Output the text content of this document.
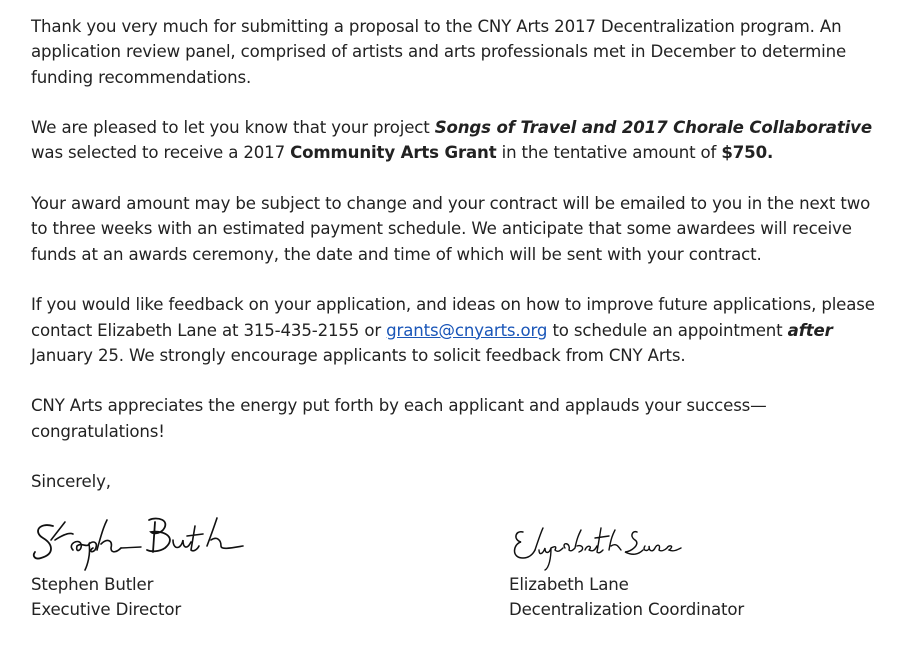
Thank you very much for submitting a proposal to the CNY Arts 2017 Decentralization program. An application review panel, comprised of artists and arts professionals met in December to determine funding recommendations.

We are pleased to let you know that your project Songs of Travel and 2017 Chorale Collaborative was selected to receive a 2017 Community Arts Grant in the tentative amount of $750.

Your award amount may be subject to change and your contract will be emailed to you in the next two to three weeks with an estimated payment schedule. We anticipate that some awardees will receive funds at an awards ceremony, the date and time of which will be sent with your contract.

If you would like feedback on your application, and ideas on how to improve future applications, please contact Elizabeth Lane at 315-435-2155 or grants@cnyarts.org to schedule an appointment after January 25. We strongly encourage applicants to solicit feedback from CNY Arts.

CNY Arts appreciates the energy put forth by each applicant and applauds your success—congratulations!

Sincerely,

Stephen Butler
Executive Director
Elizabeth Lane
Decentralization Coordinator
